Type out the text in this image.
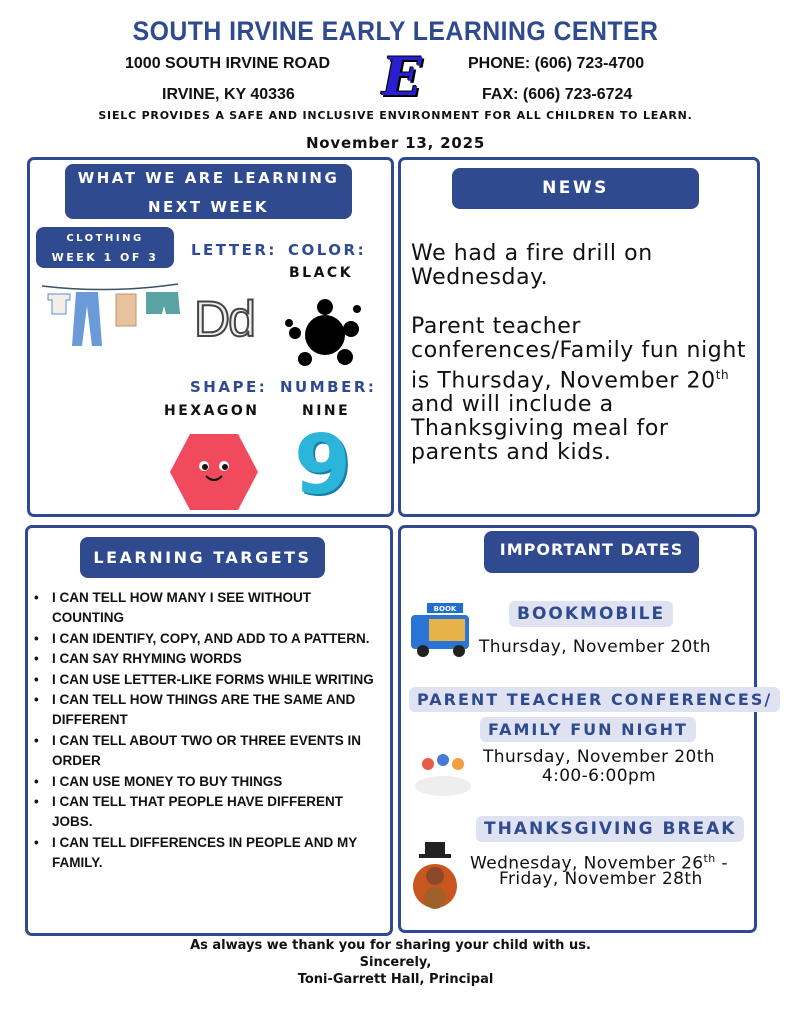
SOUTH IRVINE EARLY LEARNING CENTER
1000 SOUTH IRVINE ROAD
IRVINE, KY 40336
PHONE: (606) 723-4700
FAX: (606) 723-6724
E
SIELC PROVIDES A SAFE AND INCLUSIVE ENVIRONMENT FOR ALL CHILDREN TO LEARN.
November 13, 2025
WHAT WE ARE LEARNING
NEXT WEEK
CLOTHING
WEEK 1 OF 3	LETTER: COLOR:
BLACK
Dd
SHAPE: NUMBER:
HEXAGON	NINE
9
NEWS
We had a fire drill on Wednesday.
Parent teacher conferences/Family fun night is Thursday, November 20th and will include a Thanksgiving meal for parents and kids.
LEARNING TARGETS
• I CAN TELL HOW MANY I SEE WITHOUT COUNTING
• I CAN IDENTIFY, COPY, AND ADD TO A PATTERN.
• I CAN SAY RHYMING WORDS
• I CAN USE LETTER-LIKE FORMS WHILE WRITING
• I CAN TELL HOW THINGS ARE THE SAME AND DIFFERENT
• I CAN TELL ABOUT TWO OR THREE EVENTS IN ORDER
• I CAN USE MONEY TO BUY THINGS
• I CAN TELL THAT PEOPLE HAVE DIFFERENT JOBS.
• I CAN TELL DIFFERENCES IN PEOPLE AND MY FAMILY.
IMPORTANT DATES
BOOKMOBILE
BOOK
Thursday, November 20th
PARENT TEACHER CONFERENCES/
FAMILY FUN NIGHT
Thursday, November 20th
4:00-6:00pm
THANKSGIVING BREAK
Wednesday, November 26th -
Friday, November 28th
As always we thank you for sharing your child with us.
Sincerely,
Toni-Garrett Hall, Principal
